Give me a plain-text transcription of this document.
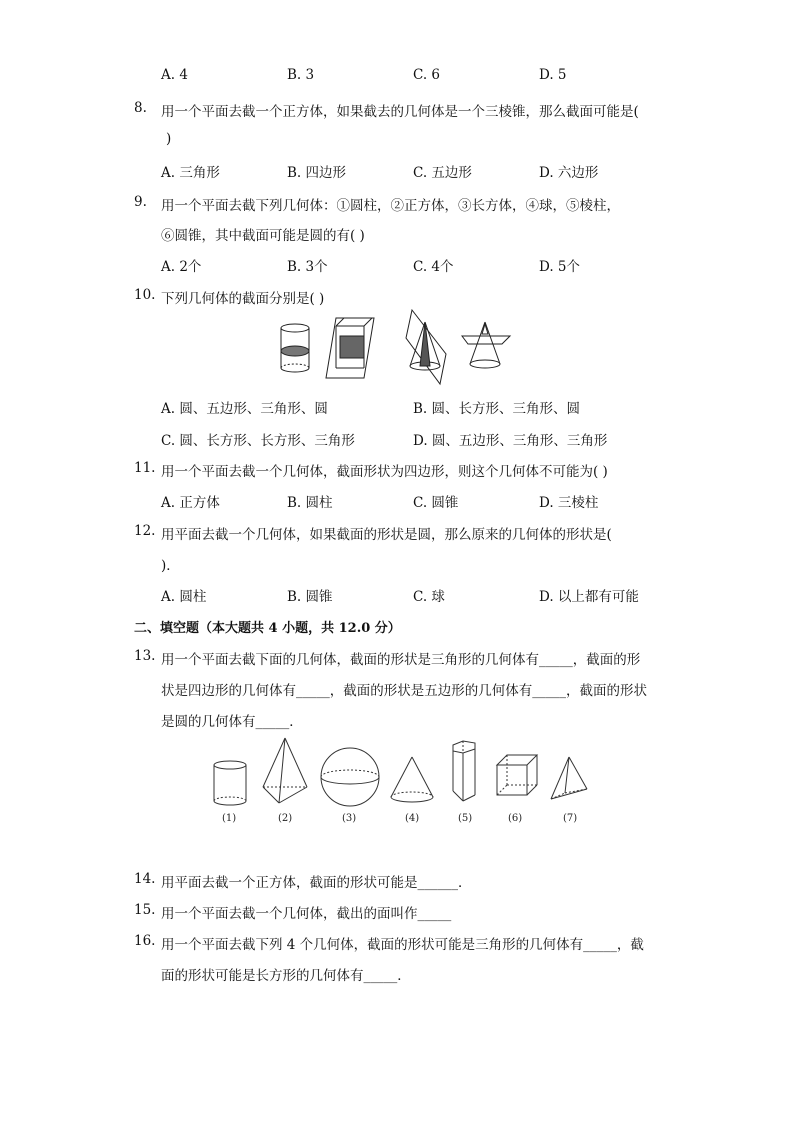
A. 4	B. 3	C. 6	D. 5
8. 用一个平面去截一个正方体，如果截去的几何体是一个三棱锥，那么截面可能是(
)
A. 三角形	B. 四边形	C. 五边形	D. 六边形
9. 用一个平面去截下列几何体：①圆柱，②正方体，③长方体，④球，⑤棱柱，
⑥圆锥，其中截面可能是圆的有( )
A. 2个	B. 3个	C. 4个	D. 5个
10. 下列几何体的截面分别是( )
A. 圆、五边形、三角形、圆	B. 圆、长方形、三角形、圆
C. 圆、长方形、长方形、三角形	D. 圆、五边形、三角形、三角形
11. 用一个平面去截一个几何体，截面形状为四边形，则这个几何体不可能为( )
A. 正方体	B. 圆柱	C. 圆锥	D. 三棱柱
12. 用平面去截一个几何体，如果截面的形状是圆，那么原来的几何体的形状是(
)．
A. 圆柱	B. 圆锥	C. 球	D. 以上都有可能
二、填空题（本大题共 4 小题，共 12.0 分）
13. 用一个平面去截下面的几何体，截面的形状是三角形的几何体有_____，截面的形
状是四边形的几何体有_____，截面的形状是五边形的几何体有_____，截面的形状
是圆的几何体有_____．
(1)	(2)	(3)	(4)	(5)	(6)	(7)
14. 用平面去截一个正方体，截面的形状可能是______．
15. 用一个平面去截一个几何体，截出的面叫作_____
16. 用一个平面去截下列 4 个几何体，截面的形状可能是三角形的几何体有_____，截
面的形状可能是长方形的几何体有_____．
